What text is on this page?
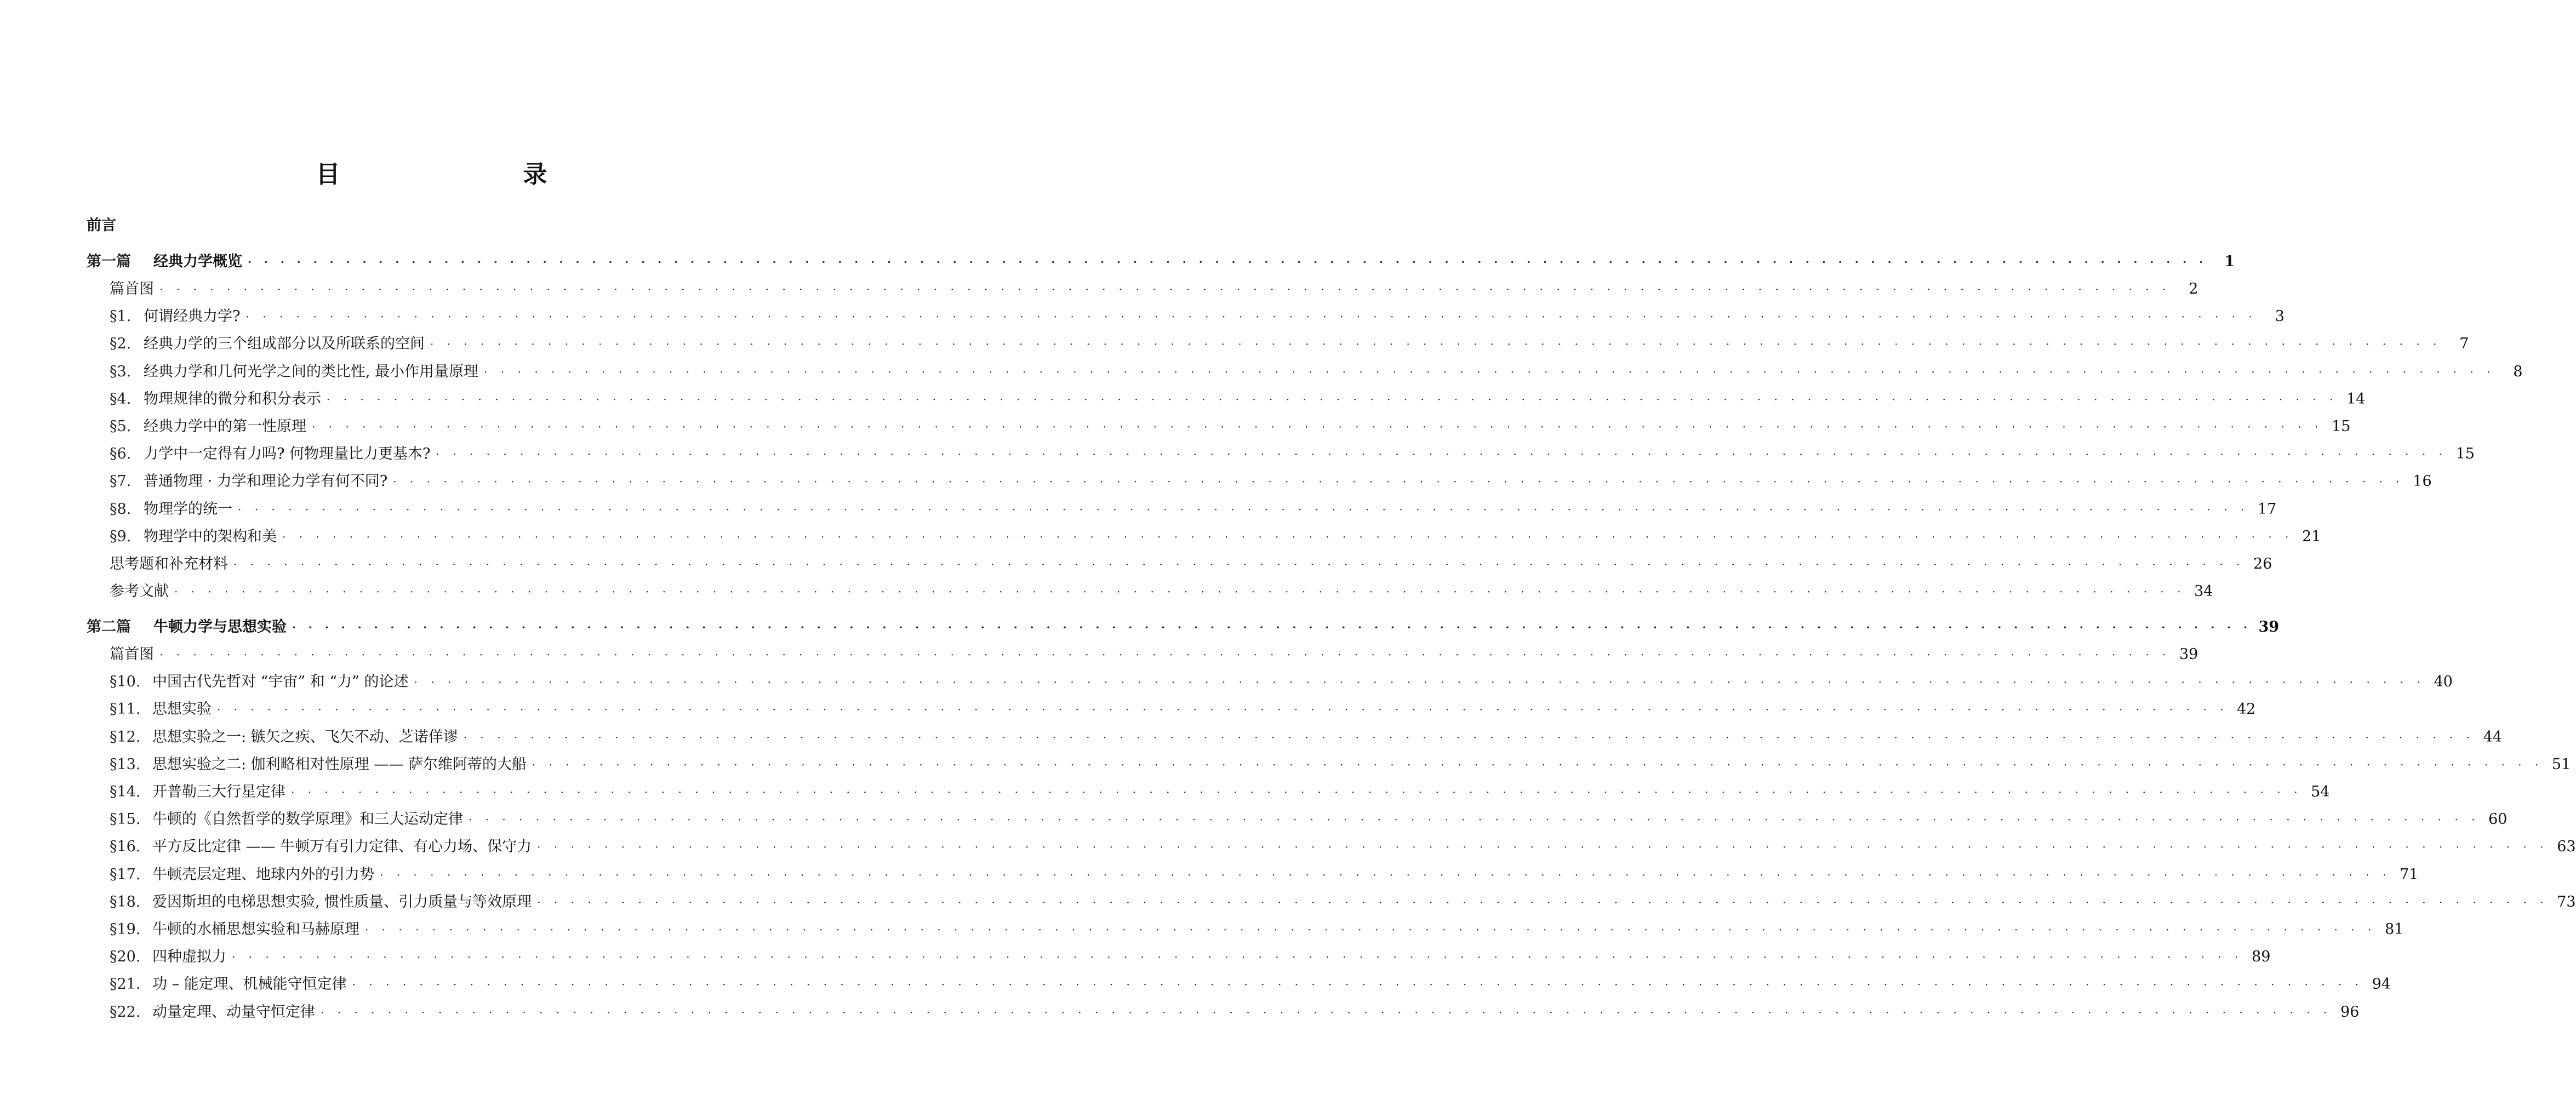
目　　录
前言
第一篇	经典力学概览 · · · · · · · · · · · · · · · · · · · · · · · · · · · · · · · · · · · · · · · · · · · · · · · · · · · · · · · · · · · · · · · · · · · · · · · · · · · · · · · · · · · · · · · · · · · · · · · · · · · · · · · · · · · · · · · · · · · · · · · ·	1
篇首图 · · · · · · · · · · · · · · · · · · · · · · · · · · · · · · · · · · · · · · · · · · · · · · · · · · · · · · · · · · · · · · · · · · · · · · · · · · · · · · · · · · · · · · · · · · · · · · · · · · · · · · · · · · · · · · · · · · · · · · · ·	2
§1. 何谓经典力学? · · · · · · · · · · · · · · · · · · · · · · · · · · · · · · · · · · · · · · · · · · · · · · · · · · · · · · · · · · · · · · · · · · · · · · · · · · · · · · · · · · · · · · · · · · · · · · · · · · · · · · · · · · · · · · · · · · · · · · · ·	3
§2. 经典力学的三个组成部分以及所联系的空间 · · · · · · · · · · · · · · · · · · · · · · · · · · · · · · · · · · · · · · · · · · · · · · · · · · · · · · · · · · · · · · · · · · · · · · · · · · · · · · · · · · · · · · · · · · · · · · · · · · · · · · · · · · · · · · · · · · · · · · · ·	7
§3. 经典力学和几何光学之间的类比性, 最小作用量原理 · · · · · · · · · · · · · · · · · · · · · · · · · · · · · · · · · · · · · · · · · · · · · · · · · · · · · · · · · · · · · · · · · · · · · · · · · · · · · · · · · · · · · · · · · · · · · · · · · · · · · · · · · · · · · · · · · · · · · · · ·	8
§4. 物理规律的微分和积分表示 · · · · · · · · · · · · · · · · · · · · · · · · · · · · · · · · · · · · · · · · · · · · · · · · · · · · · · · · · · · · · · · · · · · · · · · · · · · · · · · · · · · · · · · · · · · · · · · · · · · · · · · · · · · · · · · · · · · · · · · · 14
§5. 经典力学中的第一性原理 · · · · · · · · · · · · · · · · · · · · · · · · · · · · · · · · · · · · · · · · · · · · · · · · · · · · · · · · · · · · · · · · · · · · · · · · · · · · · · · · · · · · · · · · · · · · · · · · · · · · · · · · · · · · · · · · · · · · · · · · 15
§6. 力学中一定得有力吗? 何物理量比力更基本? · · · · · · · · · · · · · · · · · · · · · · · · · · · · · · · · · · · · · · · · · · · · · · · · · · · · · · · · · · · · · · · · · · · · · · · · · · · · · · · · · · · · · · · · · · · · · · · · · · · · · · · · · · · · · · · · · · · · · · · · 15
§7. 普通物理 · 力学和理论力学有何不同? · · · · · · · · · · · · · · · · · · · · · · · · · · · · · · · · · · · · · · · · · · · · · · · · · · · · · · · · · · · · · · · · · · · · · · · · · · · · · · · · · · · · · · · · · · · · · · · · · · · · · · · · · · · · · · · · · · · · · · · · 16
§8. 物理学的统一 · · · · · · · · · · · · · · · · · · · · · · · · · · · · · · · · · · · · · · · · · · · · · · · · · · · · · · · · · · · · · · · · · · · · · · · · · · · · · · · · · · · · · · · · · · · · · · · · · · · · · · · · · · · · · · · · · · · · · · · · 17
§9. 物理学中的架构和美 · · · · · · · · · · · · · · · · · · · · · · · · · · · · · · · · · · · · · · · · · · · · · · · · · · · · · · · · · · · · · · · · · · · · · · · · · · · · · · · · · · · · · · · · · · · · · · · · · · · · · · · · · · · · · · · · · · · · · · · · 21
思考题和补充材料 · · · · · · · · · · · · · · · · · · · · · · · · · · · · · · · · · · · · · · · · · · · · · · · · · · · · · · · · · · · · · · · · · · · · · · · · · · · · · · · · · · · · · · · · · · · · · · · · · · · · · · · · · · · · · · · · · · · · · · · · 26
参考文献 · · · · · · · · · · · · · · · · · · · · · · · · · · · · · · · · · · · · · · · · · · · · · · · · · · · · · · · · · · · · · · · · · · · · · · · · · · · · · · · · · · · · · · · · · · · · · · · · · · · · · · · · · · · · · · · · · · · · · · · · 34
第二篇	牛顿力学与思想实验 · · · · · · · · · · · · · · · · · · · · · · · · · · · · · · · · · · · · · · · · · · · · · · · · · · · · · · · · · · · · · · · · · · · · · · · · · · · · · · · · · · · · · · · · · · · · · · · · · · · · · · · · · · · · · · · · · · · · · · · · 39
篇首图 · · · · · · · · · · · · · · · · · · · · · · · · · · · · · · · · · · · · · · · · · · · · · · · · · · · · · · · · · · · · · · · · · · · · · · · · · · · · · · · · · · · · · · · · · · · · · · · · · · · · · · · · · · · · · · · · · · · · · · · · 39
§10. 中国古代先哲对 “宇宙” 和 “力” 的论述 · · · · · · · · · · · · · · · · · · · · · · · · · · · · · · · · · · · · · · · · · · · · · · · · · · · · · · · · · · · · · · · · · · · · · · · · · · · · · · · · · · · · · · · · · · · · · · · · · · · · · · · · · · · · · · · · · · · · · · · · 40
§11. 思想实验 · · · · · · · · · · · · · · · · · · · · · · · · · · · · · · · · · · · · · · · · · · · · · · · · · · · · · · · · · · · · · · · · · · · · · · · · · · · · · · · · · · · · · · · · · · · · · · · · · · · · · · · · · · · · · · · · · · · · · · · · 42
§12. 思想实验之一: 镞矢之疾、飞矢不动、芝诺佯谬 · · · · · · · · · · · · · · · · · · · · · · · · · · · · · · · · · · · · · · · · · · · · · · · · · · · · · · · · · · · · · · · · · · · · · · · · · · · · · · · · · · · · · · · · · · · · · · · · · · · · · · · · · · · · · · · · · · · · · · · · 44
§13. 思想实验之二: 伽利略相对性原理 —— 萨尔维阿蒂的大船 · · · · · · · · · · · · · · · · · · · · · · · · · · · · · · · · · · · · · · · · · · · · · · · · · · · · · · · · · · · · · · · · · · · · · · · · · · · · · · · · · · · · · · · · · · · · · · · · · · · · · · · · · · · · · · · · · · · · · · · · 51
§14. 开普勒三大行星定律 · · · · · · · · · · · · · · · · · · · · · · · · · · · · · · · · · · · · · · · · · · · · · · · · · · · · · · · · · · · · · · · · · · · · · · · · · · · · · · · · · · · · · · · · · · · · · · · · · · · · · · · · · · · · · · · · · · · · · · · · 54
§15. 牛顿的《自然哲学的数学原理》和三大运动定律 · · · · · · · · · · · · · · · · · · · · · · · · · · · · · · · · · · · · · · · · · · · · · · · · · · · · · · · · · · · · · · · · · · · · · · · · · · · · · · · · · · · · · · · · · · · · · · · · · · · · · · · · · · · · · · · · · · · · · · · · 60
§16. 平方反比定律 —— 牛顿万有引力定律、有心力场、保守力 · · · · · · · · · · · · · · · · · · · · · · · · · · · · · · · · · · · · · · · · · · · · · · · · · · · · · · · · · · · · · · · · · · · · · · · · · · · · · · · · · · · · · · · · · · · · · · · · · · · · · · · · · · · · · · · · · · · · · · · · 63
§17. 牛顿壳层定理、地球内外的引力势 · · · · · · · · · · · · · · · · · · · · · · · · · · · · · · · · · · · · · · · · · · · · · · · · · · · · · · · · · · · · · · · · · · · · · · · · · · · · · · · · · · · · · · · · · · · · · · · · · · · · · · · · · · · · · · · · · · · · · · · · 71
§18. 爱因斯坦的电梯思想实验, 惯性质量、引力质量与等效原理 · · · · · · · · · · · · · · · · · · · · · · · · · · · · · · · · · · · · · · · · · · · · · · · · · · · · · · · · · · · · · · · · · · · · · · · · · · · · · · · · · · · · · · · · · · · · · · · · · · · · · · · · · · · · · · · · · · · · · · · · 73
§19. 牛顿的水桶思想实验和马赫原理 · · · · · · · · · · · · · · · · · · · · · · · · · · · · · · · · · · · · · · · · · · · · · · · · · · · · · · · · · · · · · · · · · · · · · · · · · · · · · · · · · · · · · · · · · · · · · · · · · · · · · · · · · · · · · · · · · · · · · · · · 81
§20. 四种虚拟力 · · · · · · · · · · · · · · · · · · · · · · · · · · · · · · · · · · · · · · · · · · · · · · · · · · · · · · · · · · · · · · · · · · · · · · · · · · · · · · · · · · · · · · · · · · · · · · · · · · · · · · · · · · · · · · · · · · · · · · · · 89
§21. 功 – 能定理、机械能守恒定律 · · · · · · · · · · · · · · · · · · · · · · · · · · · · · · · · · · · · · · · · · · · · · · · · · · · · · · · · · · · · · · · · · · · · · · · · · · · · · · · · · · · · · · · · · · · · · · · · · · · · · · · · · · · · · · · · · · · · · · · · 94
§22. 动量定理、动量守恒定律 · · · · · · · · · · · · · · · · · · · · · · · · · · · · · · · · · · · · · · · · · · · · · · · · · · · · · · · · · · · · · · · · · · · · · · · · · · · · · · · · · · · · · · · · · · · · · · · · · · · · · · · · · · · · · · · · · · · · · · · · 96
